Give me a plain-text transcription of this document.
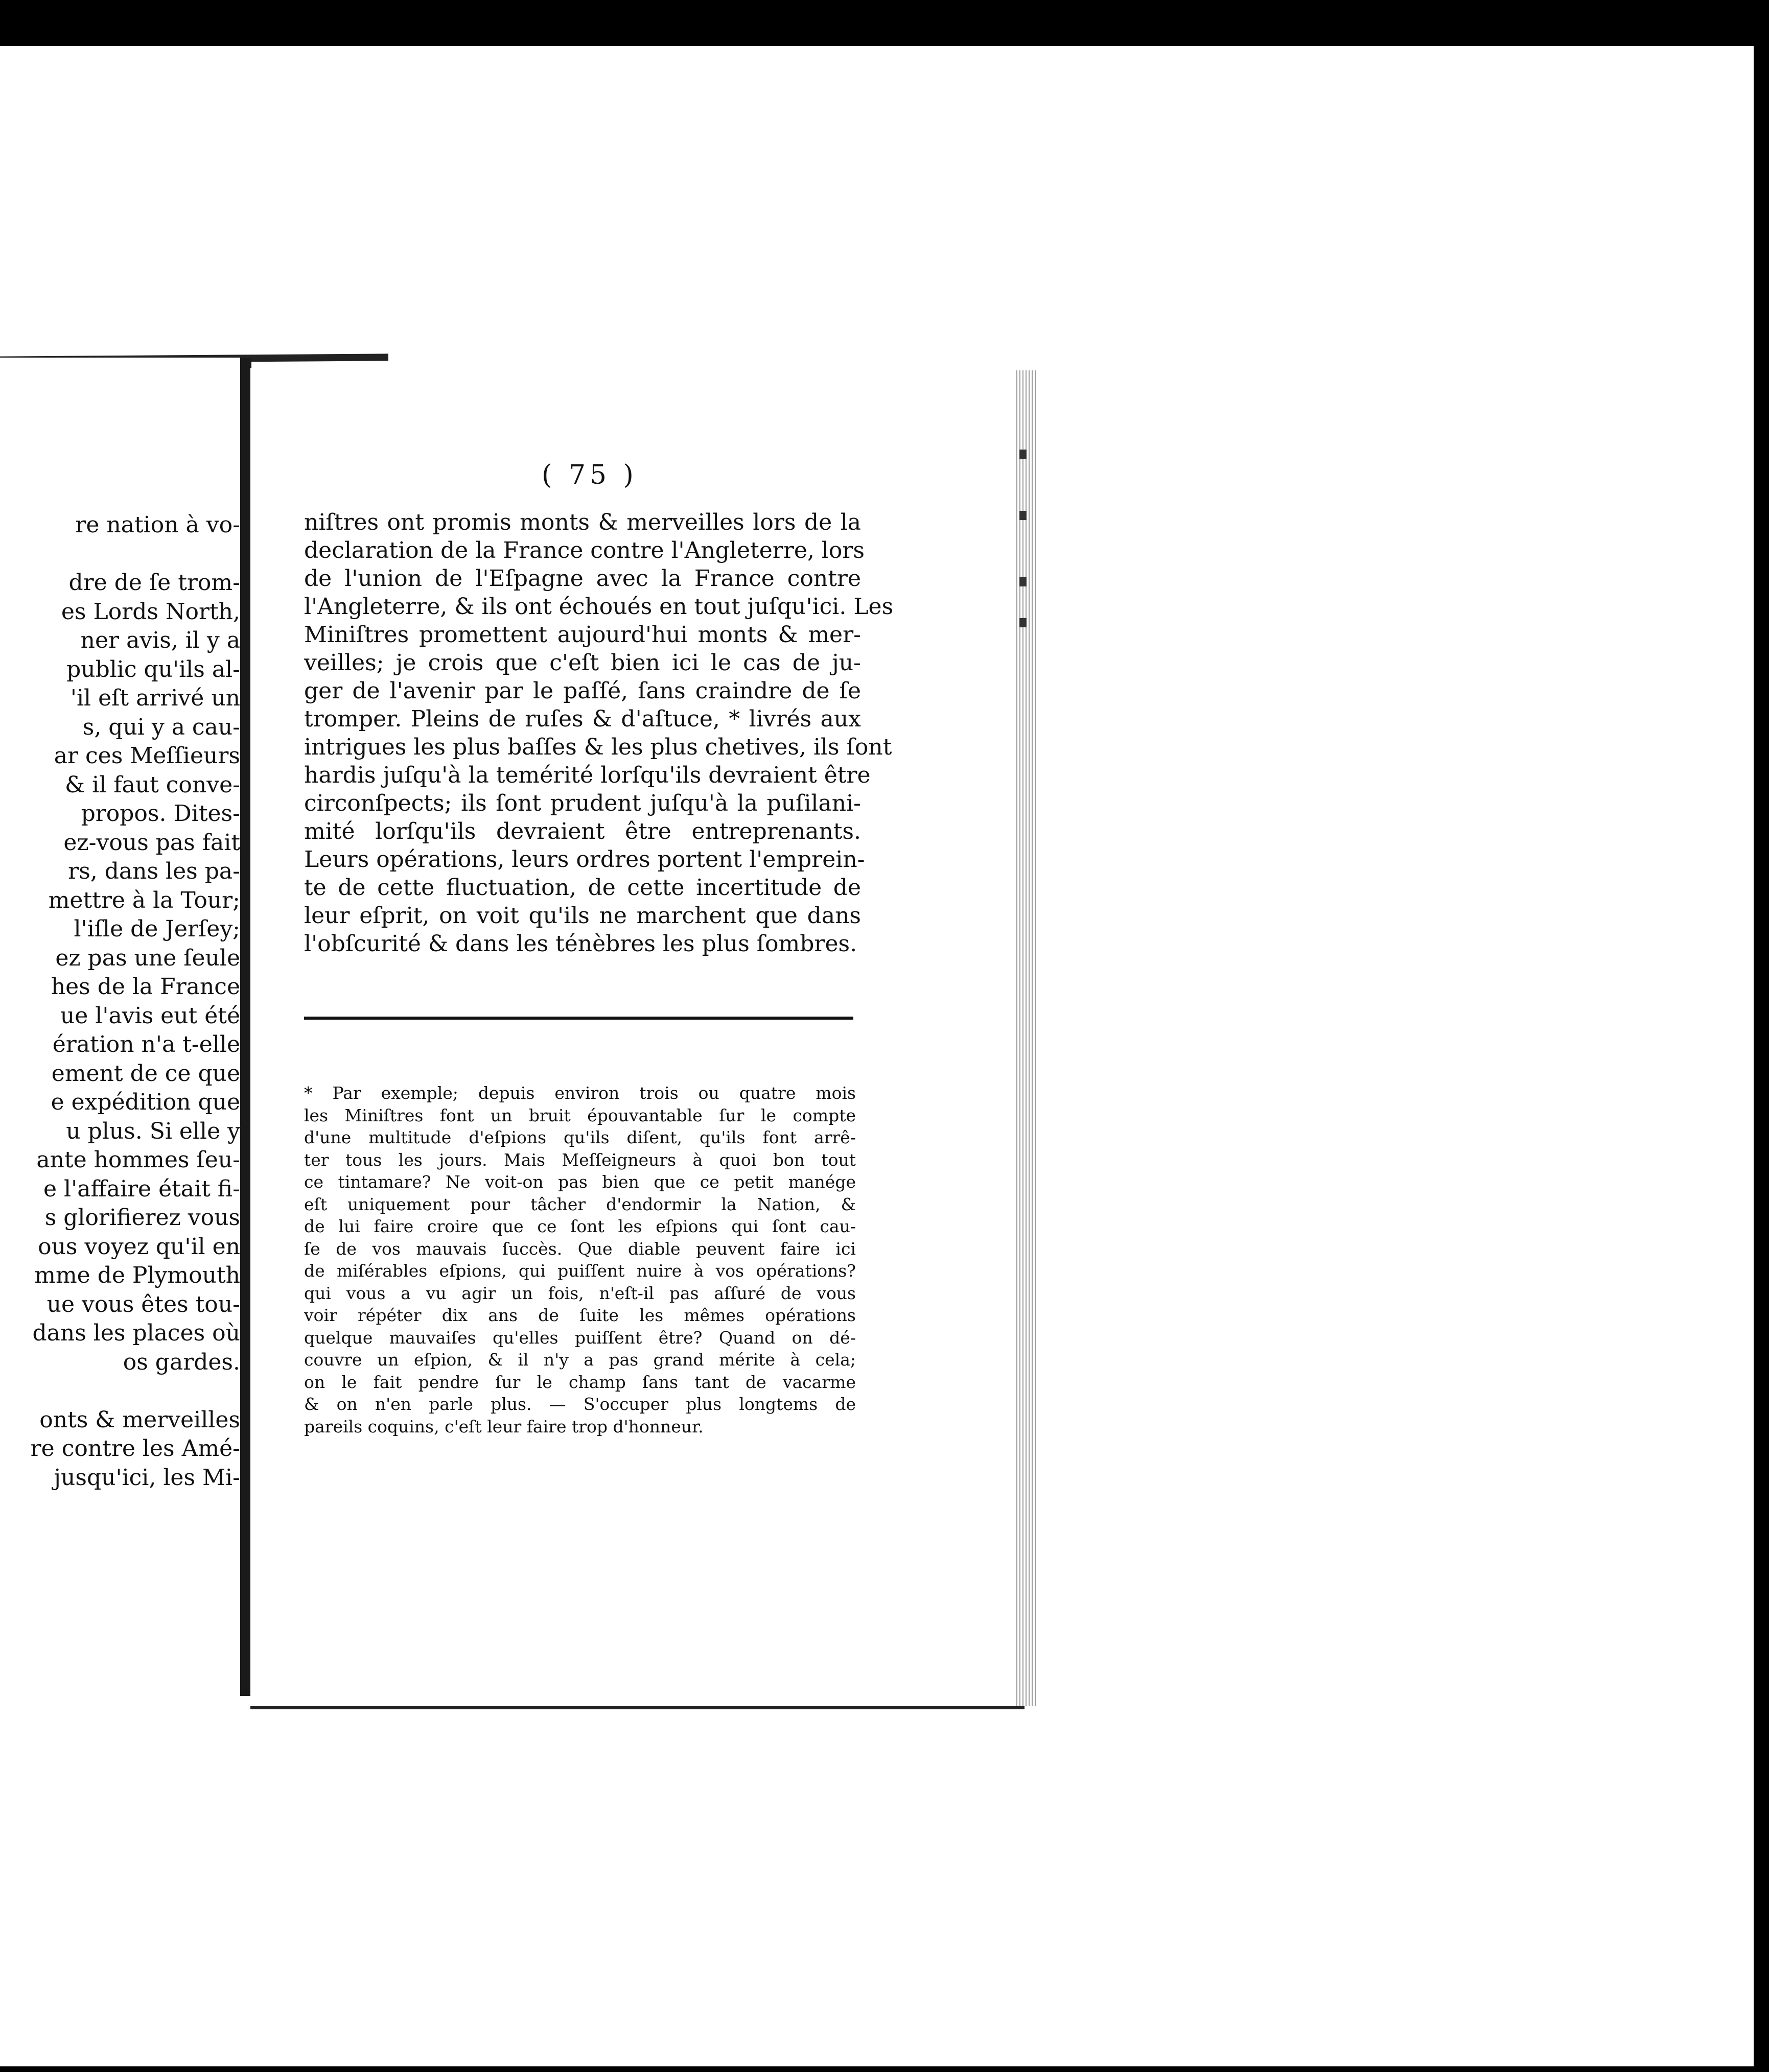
re nation à vo-
dre de ſe trom-
es Lords North,
ner avis, il y a
public qu'ils al-
'il eſt arrivé un
s, qui y a cau-
ar ces Meſſieurs
& il faut conve-
propos. Dites-
ez-vous pas fait
rs, dans les pa-
mettre à la Tour;
l'iſle de Jerſey;
ez pas une ſeule
hes de la France
ue l'avis eut été
ération n'a t-elle
ement de ce que
e expédition que
u plus. Si elle y
ante hommes ſeu-
e l'affaire était fi-
s glorifierez vous
ous voyez qu'il en
mme de Plymouth
ue vous êtes tou-
dans les places où
os gardes.
onts & merveilles
re contre les Amé-
jusqu'ici, les Mi-
( 75 )
niſtres ont promis monts & merveilles lors de la
declaration de la France contre l'Angleterre, lors
de l'union de l'Eſpagne avec la France contre
l'Angleterre, & ils ont échoués en tout juſqu'ici. Les
Miniſtres promettent aujourd'hui monts & mer-
veilles; je crois que c'eſt bien ici le cas de ju-
ger de l'avenir par le paſſé, ſans craindre de ſe
tromper. Pleins de ruſes & d'aſtuce, * livrés aux
intrigues les plus baſſes & les plus chetives, ils ſont
hardis juſqu'à la temérité lorſqu'ils devraient être
circonſpects; ils ſont prudent juſqu'à la puſilani-
mité lorſqu'ils devraient être entreprenants.
Leurs opérations, leurs ordres portent l'emprein-
te de cette fluctuation, de cette incertitude de
leur eſprit, on voit qu'ils ne marchent que dans
l'obſcurité & dans les ténèbres les plus ſombres.
* Par exemple; depuis environ trois ou quatre mois
les Miniſtres font un bruit épouvantable ſur le compte
d'une multitude d'eſpions qu'ils diſent, qu'ils font arrê-
ter tous les jours. Mais Meſſeigneurs à quoi bon tout
ce tintamare? Ne voit-on pas bien que ce petit manége
eſt uniquement pour tâcher d'endormir la Nation, &
de lui faire croire que ce ſont les eſpions qui ſont cau-
ſe de vos mauvais ſuccès. Que diable peuvent faire ici
de miſérables eſpions, qui puiſſent nuire à vos opérations?
qui vous a vu agir un fois, n'eſt-il pas aſſuré de vous
voir répéter dix ans de ſuite les mêmes opérations
quelque mauvaiſes qu'elles puiſſent être? Quand on dé-
couvre un eſpion, & il n'y a pas grand mérite à cela;
on le fait pendre ſur le champ ſans tant de vacarme
& on n'en parle plus. — S'occuper plus longtems de
pareils coquins, c'eſt leur faire trop d'honneur.
